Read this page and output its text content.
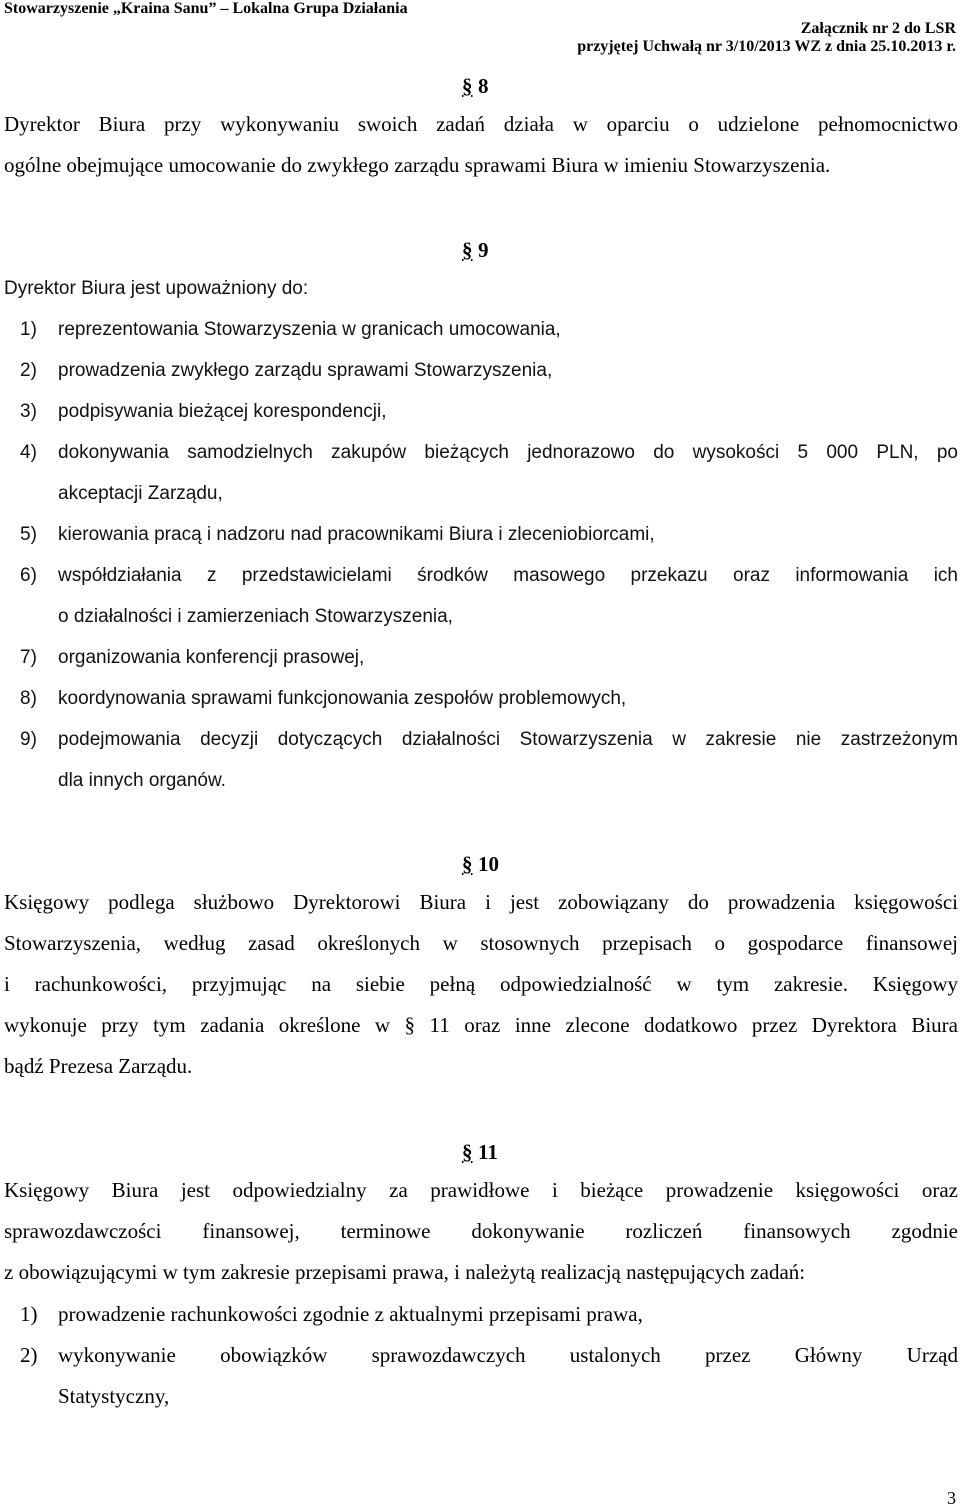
Stowarzyszenie „Kraina Sanu” – Lokalna Grupa Działania
Załącznik nr 2 do LSR
przyjętej Uchwałą nr 3/10/2013 WZ z dnia 25.10.2013 r.
§ 8
Dyrektor Biura przy wykonywaniu swoich zadań działa w oparciu o udzielone pełnomocnictwo
ogólne obejmujące umocowanie do zwykłego zarządu sprawami Biura w imieniu Stowarzyszenia.
§ 9
Dyrektor Biura jest upoważniony do:
1) reprezentowania Stowarzyszenia w granicach umocowania,
2) prowadzenia zwykłego zarządu sprawami Stowarzyszenia,
3) podpisywania bieżącej korespondencji,
4) dokonywania samodzielnych zakupów bieżących jednorazowo do wysokości 5 000 PLN, po
akceptacji Zarządu,
5) kierowania pracą i nadzoru nad pracownikami Biura i zleceniobiorcami,
6) współdziałania z przedstawicielami środków masowego przekazu oraz informowania ich
o działalności i zamierzeniach Stowarzyszenia,
7) organizowania konferencji prasowej,
8) koordynowania sprawami funkcjonowania zespołów problemowych,
9) podejmowania decyzji dotyczących działalności Stowarzyszenia w zakresie nie zastrzeżonym
dla innych organów.
§ 10
Księgowy podlega służbowo Dyrektorowi Biura i jest zobowiązany do prowadzenia księgowości
Stowarzyszenia, według zasad określonych w stosownych przepisach o gospodarce finansowej
i rachunkowości, przyjmując na siebie pełną odpowiedzialność w tym zakresie. Księgowy
wykonuje przy tym zadania określone w § 11 oraz inne zlecone dodatkowo przez Dyrektora Biura
bądź Prezesa Zarządu.
§ 11
Księgowy Biura jest odpowiedzialny za prawidłowe i bieżące prowadzenie księgowości oraz
sprawozdawczości finansowej, terminowe dokonywanie rozliczeń finansowych zgodnie
z obowiązującymi w tym zakresie przepisami prawa, i należytą realizacją następujących zadań:
1) prowadzenie rachunkowości zgodnie z aktualnymi przepisami prawa,
2) wykonywanie obowiązków sprawozdawczych ustalonych przez Główny Urząd
Statystyczny,
3
